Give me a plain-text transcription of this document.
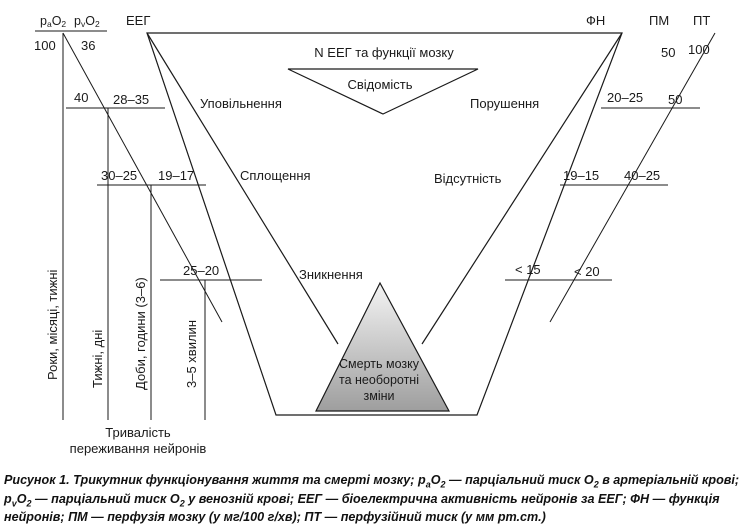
paO2 pvO2 ЕЕГ	ФН	ПМ ПТ
100 36
40 28–35
30–25 19–17
25–20
50 100
20–25 50
19–15 40–25
< 15	< 20
N ЕЕГ та функції мозку
Свідомість
Уповільнення
Сплощення
Зникнення
Порушення
Відсутність
Смерть мозку
та необоротні
зміни
Роки, місяці, тижні Тижні, дні Доби, години (3–6)	3–5 хвилин
Тривалість
переживання нейронів
Рисунок 1. Трикутник функціонування життя та смерті мозку; $p_aO_2$ — парціальний тиск $O_2$ в артеріальній крові; $p_vO_2$ — парціальний тиск $O_2$ у венозній крові; ЕЕГ — біоелектрична активність нейронів за ЕЕГ; ФН — функція нейронів; ПМ — перфузія мозку (у мг/100 г/хв); ПТ — перфузійний тиск (у мм рт.ст.)
